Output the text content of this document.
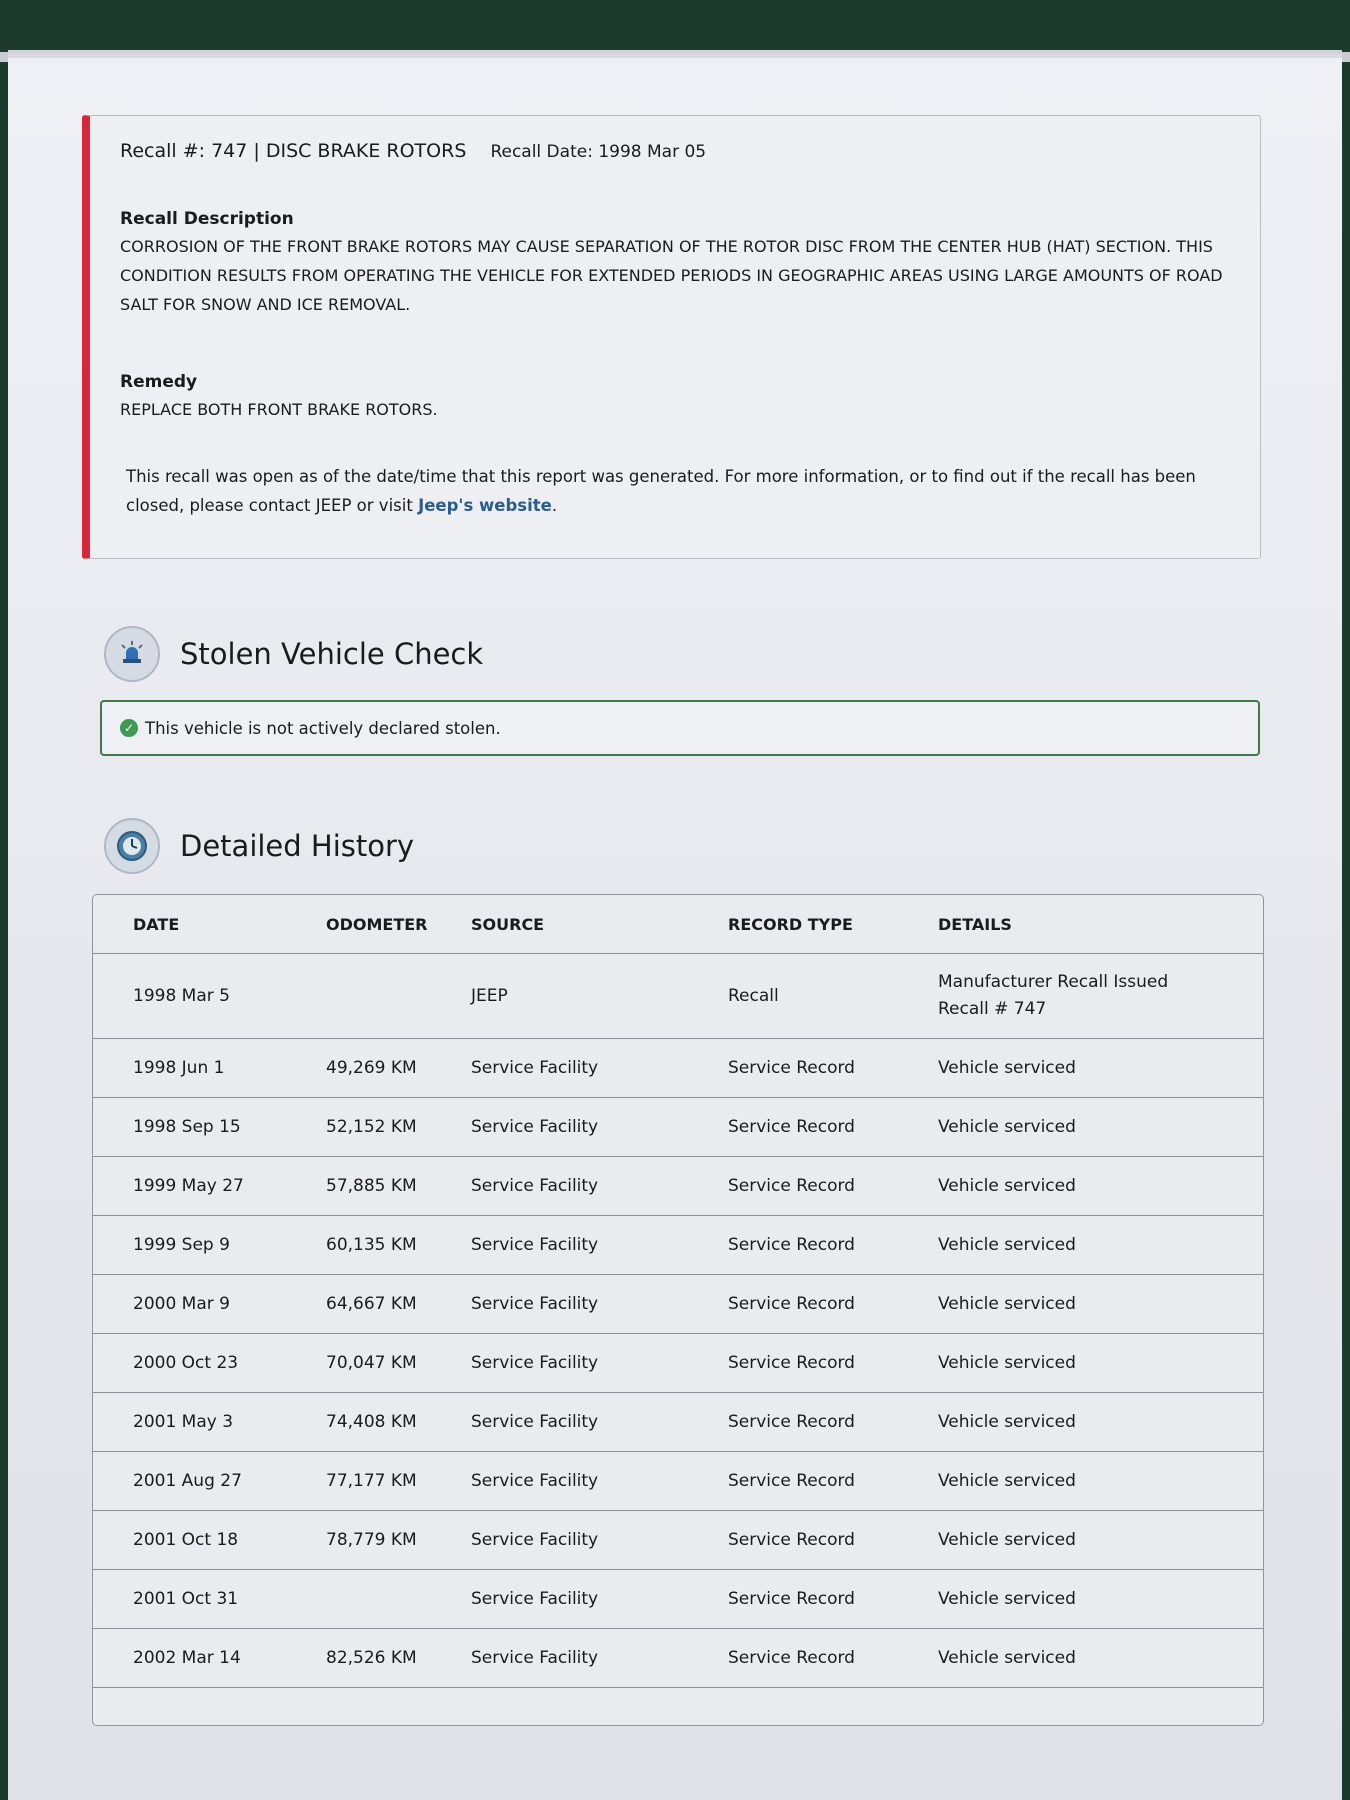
Recall #: 747 | DISC BRAKE ROTORS Recall Date: 1998 Mar 05
Recall Description
CORROSION OF THE FRONT BRAKE ROTORS MAY CAUSE SEPARATION OF THE ROTOR DISC FROM THE CENTER HUB (HAT) SECTION. THIS CONDITION RESULTS FROM OPERATING THE VEHICLE FOR EXTENDED PERIODS IN GEOGRAPHIC AREAS USING LARGE AMOUNTS OF ROAD SALT FOR SNOW AND ICE REMOVAL.
Remedy
REPLACE BOTH FRONT BRAKE ROTORS.
This recall was open as of the date/time that this report was generated. For more information, or to find out if the recall has been closed, please contact JEEP or visit Jeep's website.
Stolen Vehicle Check
✓ This vehicle is not actively declared stolen.
Detailed History
DATE	ODOMETER	SOURCE	RECORD TYPE	DETAILS
1998 Mar 5		JEEP	Recall	Manufacturer Recall Issued
Recall # 747
1998 Jun 1	49,269 KM	Service Facility	Service Record	Vehicle serviced
1998 Sep 15	52,152 KM	Service Facility	Service Record	Vehicle serviced
1999 May 27	57,885 KM	Service Facility	Service Record	Vehicle serviced
1999 Sep 9	60,135 KM	Service Facility	Service Record	Vehicle serviced
2000 Mar 9	64,667 KM	Service Facility	Service Record	Vehicle serviced
2000 Oct 23	70,047 KM	Service Facility	Service Record	Vehicle serviced
2001 May 3	74,408 KM	Service Facility	Service Record	Vehicle serviced
2001 Aug 27	77,177 KM	Service Facility	Service Record	Vehicle serviced
2001 Oct 18	78,779 KM	Service Facility	Service Record	Vehicle serviced
2001 Oct 31		Service Facility	Service Record	Vehicle serviced
2002 Mar 14	82,526 KM	Service Facility	Service Record	Vehicle serviced
